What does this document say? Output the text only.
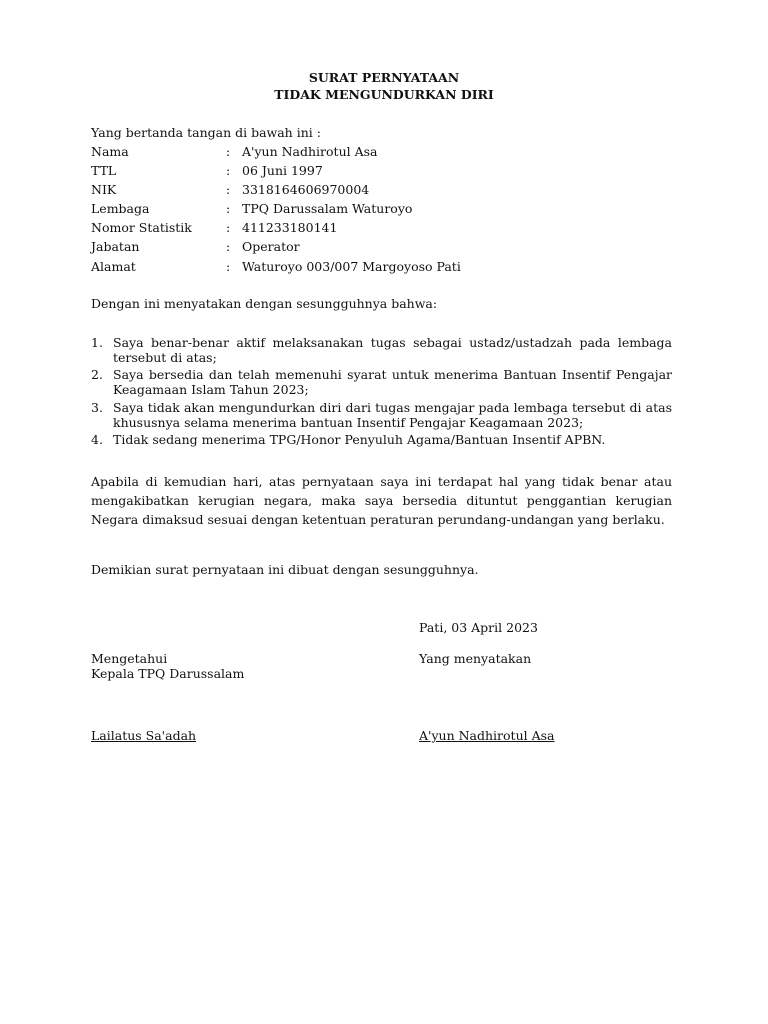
SURAT PERNYATAAN
TIDAK MENGUNDURKAN DIRI
Yang bertanda tangan di bawah ini :
Nama	: A'yun Nadhirotul Asa
TTL	: 06 Juni 1997
NIK	: 3318164606970004
Lembaga	: TPQ Darussalam Waturoyo
Nomor Statistik	: 411233180141
Jabatan	: Operator
Alamat	: Waturoyo 003/007 Margoyoso Pati
Dengan ini menyatakan dengan sesungguhnya bahwa:
1. Saya benar-benar aktif melaksanakan tugas sebagai ustadz/ustadzah pada lembaga tersebut di atas;
2. Saya bersedia dan telah memenuhi syarat untuk menerima Bantuan Insentif Pengajar Keagamaan Islam Tahun 2023;
3. Saya tidak akan mengundurkan diri dari tugas mengajar pada lembaga tersebut di atas khususnya selama menerima bantuan Insentif Pengajar Keagamaan 2023;
4. Tidak sedang menerima TPG/Honor Penyuluh Agama/Bantuan Insentif APBN.
Apabila di kemudian hari, atas pernyataan saya ini terdapat hal yang tidak benar atau mengakibatkan kerugian negara, maka saya bersedia dituntut penggantian kerugian Negara dimaksud sesuai dengan ketentuan peraturan perundang-undangan yang berlaku.
Demikian surat pernyataan ini dibuat dengan sesungguhnya.
Pati, 03 April 2023
Mengetahui
Kepala TPQ Darussalam
Yang menyatakan
Lailatus Sa'adah	A'yun Nadhirotul Asa
